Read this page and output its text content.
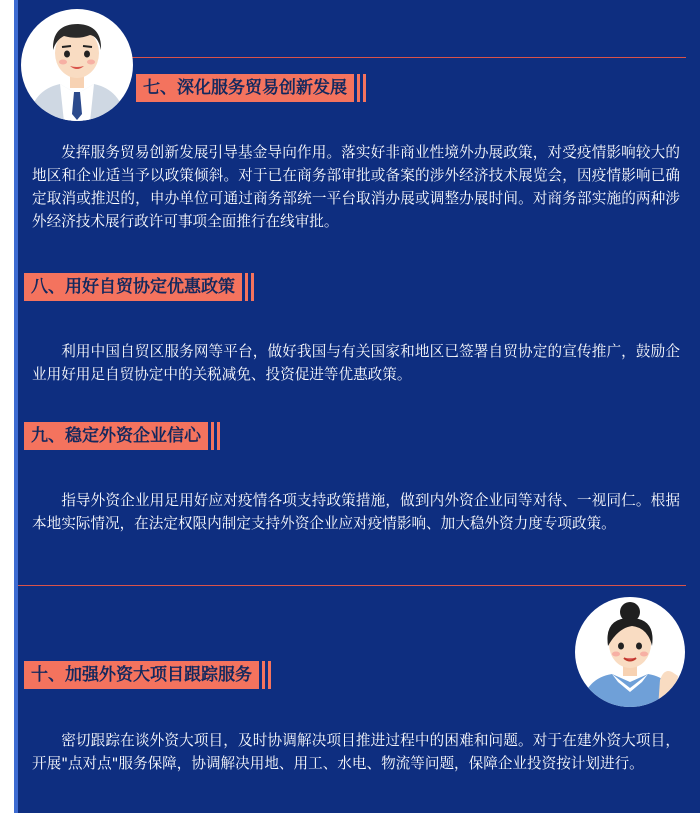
七、深化服务贸易创新发展

发挥服务贸易创新发展引导基金导向作用。落实好非商业性境外办展政策，对受疫情影响较大的地区和企业适当予以政策倾斜。对于已在商务部审批或备案的涉外经济技术展览会，因疫情影响已确定取消或推迟的，申办单位可通过商务部统一平台取消办展或调整办展时间。对商务部实施的两种涉外经济技术展行政许可事项全面推行在线审批。

八、用好自贸协定优惠政策

利用中国自贸区服务网等平台，做好我国与有关国家和地区已签署自贸协定的宣传推广，鼓励企业用好用足自贸协定中的关税减免、投资促进等优惠政策。

九、稳定外资企业信心

指导外资企业用足用好应对疫情各项支持政策措施，做到内外资企业同等对待、一视同仁。根据本地实际情况，在法定权限内制定支持外资企业应对疫情影响、加大稳外资力度专项政策。

十、加强外资大项目跟踪服务

密切跟踪在谈外资大项目，及时协调解决项目推进过程中的困难和问题。对于在建外资大项目，开展"点对点"服务保障，协调解决用地、用工、水电、物流等问题，保障企业投资按计划进行。
